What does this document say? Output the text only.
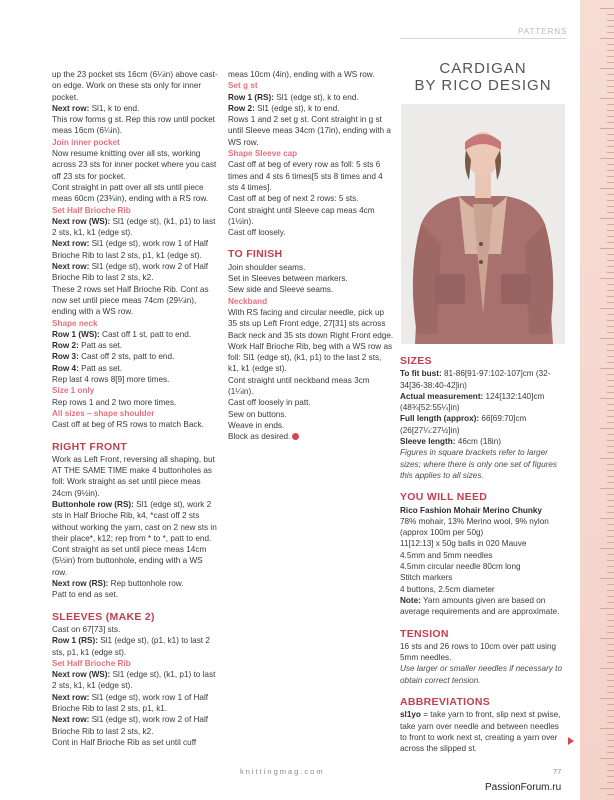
PATTERNS

up the 23 pocket sts 16cm (6¼in) above cast-on edge. Work on these sts only for inner pocket.

Next row: Sl1, k to end.

This row forms g st. Rep this row until pocket meas 16cm (6¼in).

Join inner pocket

Now resume knitting over all sts, working across 23 sts for inner pocket where you cast off 23 sts for pocket.

Cont straight in patt over all sts until piece meas 60cm (23¾in), ending with a RS row.

Set Half Brioche Rib

Next row (WS): Sl1 (edge st), (k1, p1) to last 2 sts, k1, k1 (edge st).

Next row: Sl1 (edge st), work row 1 of Half Brioche Rib to last 2 sts, p1, k1 (edge st).

Next row: Sl1 (edge st), work row 2 of Half Brioche Rib to last 2 sts, k2.

These 2 rows set Half Brioche Rib. Cont as now set until piece meas 74cm (29¼in), ending with a WS row.

Shape neck

Row 1 (WS): Cast off 1 st, patt to end.

Row 2: Patt as set.

Row 3: Cast off 2 sts, patt to end.

Row 4: Patt as set.

Rep last 4 rows 8[9] more times.

Size 1 only

Rep rows 1 and 2 two more times.

All sizes – shape shoulder

Cast off at beg of RS rows to match Back.

RIGHT FRONT

Work as Left Front, reversing all shaping, but AT THE SAME TIME make 4 buttonholes as foll: Work straight as set until piece meas 24cm (9½in).

Buttonhole row (RS): Sl1 (edge st), work 2 sts in Half Brioche Rib, k4, *cast off 2 sts without working the yarn, cast on 2 new sts in their place*, k12; rep from * to *, patt to end.

Cont straight as set until piece meas 14cm (5½in) from buttonhole, ending with a WS row.

Next row (RS): Rep buttonhole row.

Patt to end as set.

SLEEVES (MAKE 2)

Cast on 67[73] sts.

Row 1 (RS): Sl1 (edge st), (p1, k1) to last 2 sts, p1, k1 (edge st).

Set Half Brioche Rib

Next row (WS): Sl1 (edge st), (k1, p1) to last 2 sts, k1, k1 (edge st).

Next row: Sl1 (edge st), work row 1 of Half Brioche Rib to last 2 sts, p1, k1.

Next row: Sl1 (edge st), work row 2 of Half Brioche Rib to last 2 sts, k2.

Cont in Half Brioche Rib as set until cuff

meas 10cm (4in), ending with a WS row.

Set g st

Row 1 (RS): Sl1 (edge st), k to end.

Row 2: Sl1 (edge st), k to end.

Rows 1 and 2 set g st. Cont straight in g st until Sleeve meas 34cm (17in), ending with a WS row.

Shape Sleeve cap

Cast off at beg of every row as foll: 5 sts 6 times and 4 sts 6 times[5 sts 8 times and 4 sts 4 times].

Cast off at beg of next 2 rows: 5 sts.

Cont straight until Sleeve cap meas 4cm (1½in).

Cast off loosely.

TO FINISH

Join shoulder seams.

Set in Sleeves between markers.

Sew side and Sleeve seams.

Neckband

With RS facing and circular needle, pick up 35 sts up Left Front edge, 27[31] sts across Back neck and 35 sts down Right Front edge.

Work Half Brioche Rib, beg with a WS row as foll: Sl1 (edge st), (k1, p1) to the last 2 sts, k1, k1 (edge st).

Cont straight until neckband meas 3cm (1¼in).

Cast off loosely in patt.

Sew on buttons.

Weave in ends.

Block as desired.

CARDIGAN
BY RICO DESIGN
SIZES

To fit bust: 81-86[91-97:102-107]cm (32-34[36-38:40-42]in)

Actual measurement: 124[132:140]cm (48¾[52:55¼]in)

Full length (approx): 66[69:70]cm (26[27¼:27½]in)

Sleeve length: 46cm (18in)

Figures in square brackets refer to larger sizes; where there is only one set of figures this applies to all sizes.

YOU WILL NEED

Rico Fashion Mohair Merino Chunky

78% mohair, 13% Merino wool, 9% nylon (approx 100m per 50g)

11[12:13] x 50g balls in 020 Mauve

4.5mm and 5mm needles

4.5mm circular needle 80cm long

Stitch markers

4 buttons, 2.5cm diameter

Note: Yarn amounts given are based on average requirements and are approximate.

TENSION

16 sts and 26 rows to 10cm over patt using 5mm needles.

Use larger or smaller needles if necessary to obtain correct tension.

ABBREVIATIONS

sl1yo = take yarn to front, slip next st pwise, take yarn over needle and between needles to front to work next st, creating a yarn over across the slipped st.

knittingmag.com	77
PassionForum.ru
